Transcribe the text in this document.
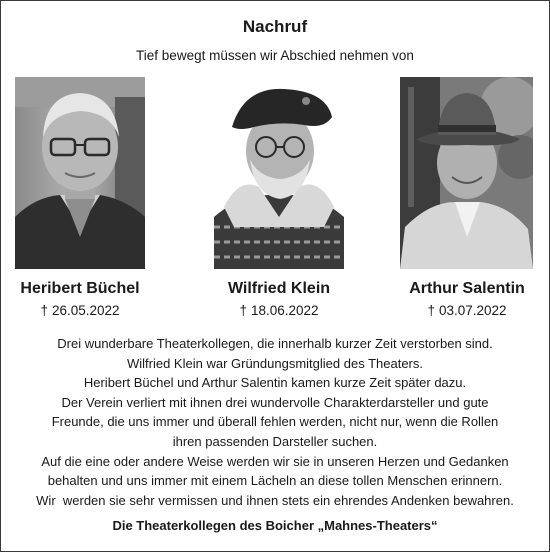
Nachruf
Tief bewegt müssen wir Abschied nehmen von
Heribert Büchel	Wilfried Klein	Arthur Salentin
† 26.05.2022	† 18.06.2022	† 03.07.2022
Drei wunderbare Theaterkollegen, die innerhalb kurzer Zeit verstorben sind.
Wilfried Klein war Gründungsmitglied des Theaters.
Heribert Büchel und Arthur Salentin kamen kurze Zeit später dazu.
Der Verein verliert mit ihnen drei wundervolle Charakterdarsteller und gute
Freunde, die uns immer und überall fehlen werden, nicht nur, wenn die Rollen
ihren passenden Darsteller suchen.
Auf die eine oder andere Weise werden wir sie in unseren Herzen und Gedanken
behalten und uns immer mit einem Lächeln an diese tollen Menschen erinnern.
Wir  werden sie sehr vermissen und ihnen stets ein ehrendes Andenken bewahren.
Die Theaterkollegen des Boicher „Mahnes-Theaters“
